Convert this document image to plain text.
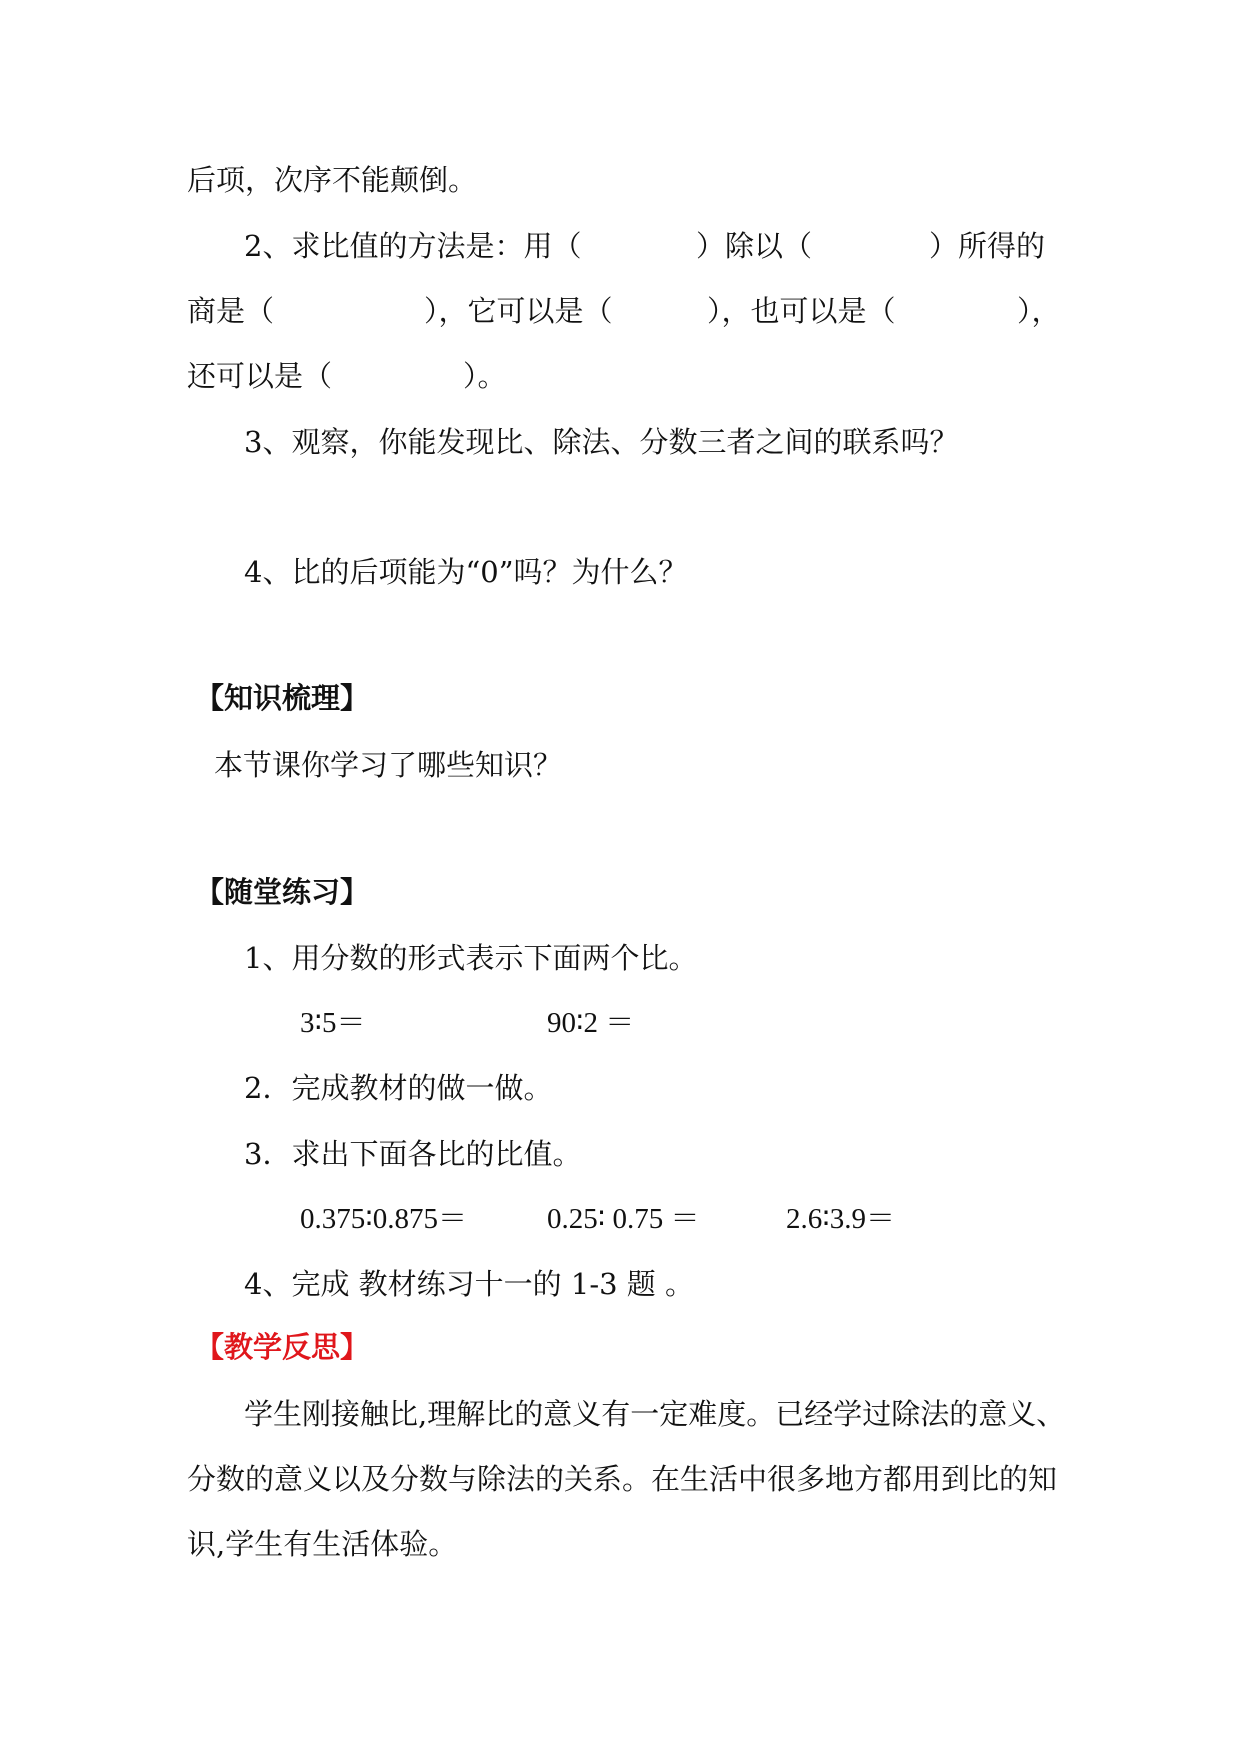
后项，次序不能颠倒。
2、求比值的方法是：用（	）除以（	）所得的
商是（	），它可以是（	），也可以是（	），
还可以是（	）。
3、观察，你能发现比、除法、分数三者之间的联系吗？
4、比的后项能为“0”吗？为什么？
【知识梳理】
本节课你学习了哪些知识？
【随堂练习】
1、用分数的形式表示下面两个比。
3∶5＝	90∶2 ＝
2．完成教材的做一做。
3．求出下面各比的比值。
0.375∶0.875＝	0.25∶ 0.75 ＝	2.6∶3.9＝
4、完成 教材练习十一的 1-3 题 。
【教学反思】
学生刚接触比,理解比的意义有一定难度。已经学过除法的意义、
分数的意义以及分数与除法的关系。在生活中很多地方都用到比的知
识,学生有生活体验。
